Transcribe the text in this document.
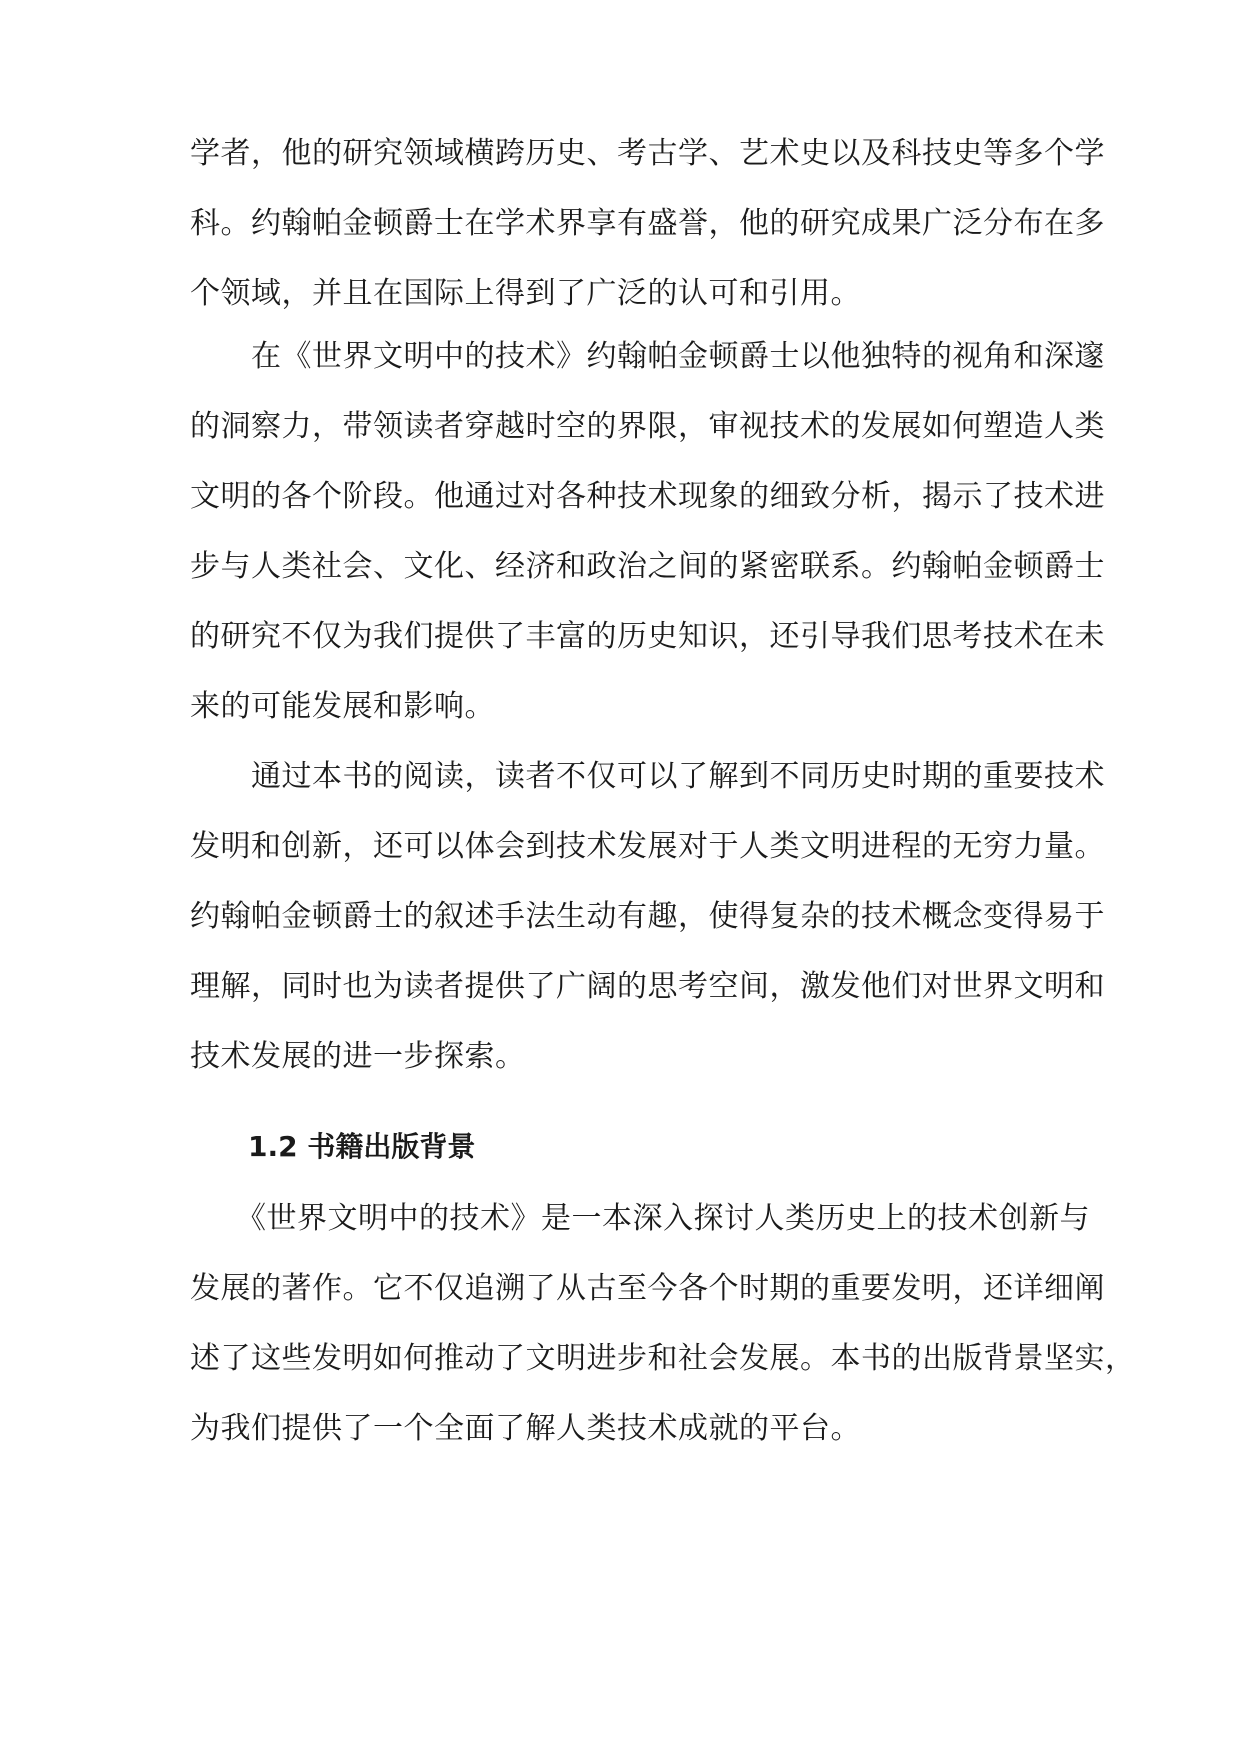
学者，他的研究领域横跨历史、考古学、艺术史以及科技史等多个学
科。约翰帕金顿爵士在学术界享有盛誉，他的研究成果广泛分布在多
个领域，并且在国际上得到了广泛的认可和引用。
　　在《世界文明中的技术》约翰帕金顿爵士以他独特的视角和深邃
的洞察力，带领读者穿越时空的界限，审视技术的发展如何塑造人类
文明的各个阶段。他通过对各种技术现象的细致分析，揭示了技术进
步与人类社会、文化、经济和政治之间的紧密联系。约翰帕金顿爵士
的研究不仅为我们提供了丰富的历史知识，还引导我们思考技术在未
来的可能发展和影响。
　　通过本书的阅读，读者不仅可以了解到不同历史时期的重要技术
发明和创新，还可以体会到技术发展对于人类文明进程的无穷力量。
约翰帕金顿爵士的叙述手法生动有趣，使得复杂的技术概念变得易于
理解，同时也为读者提供了广阔的思考空间，激发他们对世界文明和
技术发展的进一步探索。
1.2 书籍出版背景
　　《世界文明中的技术》是一本深入探讨人类历史上的技术创新与
发展的著作。它不仅追溯了从古至今各个时期的重要发明，还详细阐
述了这些发明如何推动了文明进步和社会发展。本书的出版背景坚实，
为我们提供了一个全面了解人类技术成就的平台。
